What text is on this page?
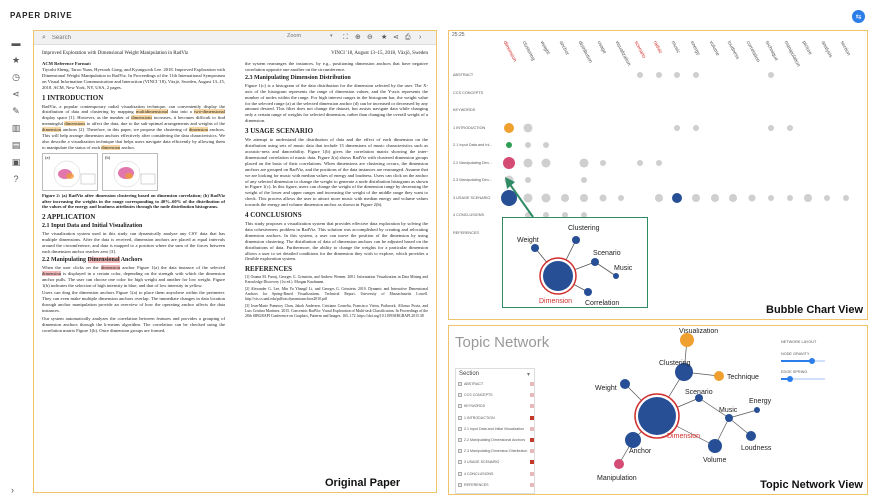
PAPER DRIVE	⇆
▬
★
◷
⋖
✎
▥
▤
▣
?
›
⌕
Search	Zoom	▾ ⛶ ⊕ ⊖ ★ ⋖ ⎙ ›
Improved Exploration with Dimensional Weight Manipulation in RadViz	VINCI '18, August 13–15, 2018, Växjö, Sweden

ACM Reference Format:
Tiyoshi Sheng, Taroo Yuan, Hyesook Gong, and Kyungsook Lee. 2018. Improved Exploration with Dimensional Weight Manipulation in RadViz. In Proceedings of the 11th International Symposium on Visual Information Communication and Interaction (VINCI '18), Växjö, Sweden, August 13–15, 2018. ACM, New York, NY, USA, 2 pages.

1 INTRODUCTION

RadViz, a popular contemporary radial visualization technique, can conveniently display the distribution of data and clustering by mapping multidimensional data into a two-dimensional display space [1]. However, as the number of dimensions increases, it becomes difficult to find meaningful dimensions to affect the data, due to the sub-optimal arrangements and weights of the dimension anchors [2]. Therefore, in this paper, we propose the clustering of dimension anchors. This will help arrange dimension anchors effectively after considering the data characteristics. We also describe a visualization technique that helps users navigate data efficiently by allowing them to manipulate the status of each dimension anchor.

(a)	(b)

Figure 2: (a) RadViz after dimension clustering based on dimension correlation; (b) RadViz after increasing the weights in the range corresponding to 40%–60% of the distribution of the values of the energy and loudness attributes through the node distribution histograms.

2 APPLICATION
2.1 Input Data and Initial Visualization

The visualization system used in this study can dynamically analyze any CSV data that has multiple dimensions. After the data is received, dimension anchors are placed at equal intervals around the circumference, and data is mapped to a position where the sum of the forces between each dimension anchor reaches zero [3].

2.2 Manipulating Dimensional Anchors

When the user clicks on the dimension anchor Figure 1(a) the data instance of the selected dimension is displayed in a certain color, depending on the strength with which the dimension anchor pulls. The user can choose one color for high weight and another for low weight. Figure 1(b) indicates the selection of high intensity in blue, and that of low intensity in yellow.

Users can drag the dimension anchors Figure 1(a) to place them anywhere within the perimeter. They can even make multiple dimension anchors overlap. The immediate changes in data location through anchor manipulation provide an overview of how the operating anchor affects the data instances.

Our system automatically analyzes the correlation between features and provides a grouping of dimension anchors through the k-means algorithm. The correlation can be checked using the correlation matrix Figure 1(b). Once dimension groups are formed,

the system rearranges the instances, by e.g., positioning dimension anchors that have negative correlation opposite one another on the circumference.

2.3 Manipulating Dimension Distribution

Figure 1(c) is a histogram of the data distribution for the dimension selected by the user. The X-axis of the histogram represents the range of dimension values, and the Y-axis represents the number of nodes within the range. For high interest ranges in the histogram bar, the weight value for the selected range (a) at the selected dimension anchor (d) can be increased or decreased by any amount desired. This filter does not change the dataset, but assists navigate data while changing only a certain range of weights for selected dimension, rather than changing the overall weight of a dimension.

3 USAGE SCENARIO

We attempt to understand the distribution of data and the effect of each dimension on the distribution using sets of music data that include 15 dimensions of music characteristics such as acoustic-ness and danceability. Figure 1(b) gives the correlation matrix showing the inter-dimensional correlation of music data. Figure 2(a) shows RadViz with clustered dimension groups placed on the basis of their correlations. When dimensions are clustering occurs, the dimension anchors are grouped on RadViz, and the positions of the data instances are rearranged. Assume that we are looking for music with median values of energy and loudness. Users can click on the anchor of any selected dimension to change the weight to generate a node distribution histogram as shown in Figure 1(c). In this figure, users can change the weight of the dimension range by decreasing the weight of the lower and upper ranges and increasing the weight of the middle range they want to check. This process allows the user to attract more music with median energy and volume values towards the energy and volume dimension anchor as shown in Figure 2(b).

4 CONCLUSIONS

This study proposes a visualization system that provides effective data exploration by solving the data cohesiveness problem in RadViz. This solution was accomplished by creating and relocating dimension anchors. In this system, a user can move the position of the dimension by using dimension clustering. The distribution of data of dimension anchors can be adjusted based on the distributions of data. Furthermore, the ability to change the weights for a particular dimension allows a user to set detailed conditions for the dimension they wish to explore, which provides a flexible exploration system.

REFERENCES

[1] Osama M. Farraj, Georges G. Grinstein, and Andrew Wenner. 2001. Information Visualization in Data Mining and Knowledge Discovery (1st ed.). Morgan Kaufmann.

[2] Alexander G. Lee, Min Yu Yhangil Li, and Georges G. Grinstein. 2010. Dynamic and Interactive Dimensional Anchors for Spring-Based Visualizations. Technical Report. University of Massachusetts Lowell. http://vis.cs.uml.edu/pdf/ras.dynamicanchors2010.pdf

[3] Jean-Marie Pomeroy Chan, Jakob Andersen, Cristiano Cornelia, Francisco Vieira, Pathwork, Alfonso Puvia, and Luis Cristina Martinez. 2015. Concentric RadViz: Visual Exploration of Multi-task Classification. In Proceedings of the 28th SIBGRAPI Conference on Graphics, Patterns and Images. 165–172. https://doi.org/10.1109/SIBGRAPI.2015.38

Original Paper
25:25
dimension clustering weight anchor distribution usage visualization scenario radviz music energy volume loudness correlation technique manipulation picture analysis section
ABSTRACT
CCS CONCEPTS
KEYWORDS
1 INTRODUCTION
2.1 Input Data and Ini...
2.2 Manipulating Dim...
2.3 Manipulating Dim...
3 USAGE SCENARIO
4 CONCLUSIONS
REFERENCES
Weight
Clustering
Scenario
Music
Dimension Correlation
Bubble Chart View
Topic Network
Section	▾
ABSTRACT
CCS CONCEPTS
KEYWORDS
1 INTRODUCTION
2.1 Input Data and Initial Visualization
2.2 Manipulating Dimensional Anchors
2.3 Manipulating Dimension Distribution
3 USAGE SCENARIO
4 CONCLUSIONS
REFERENCES
Visualization
Clustering
Technique
Weight
Scenario
Music
Energy
Dimension
Anchor	Loudness
Volume
Manipulation
NETWORK LAYOUT
NODE GRAVITY
EDGE SPRING
Topic Network View
